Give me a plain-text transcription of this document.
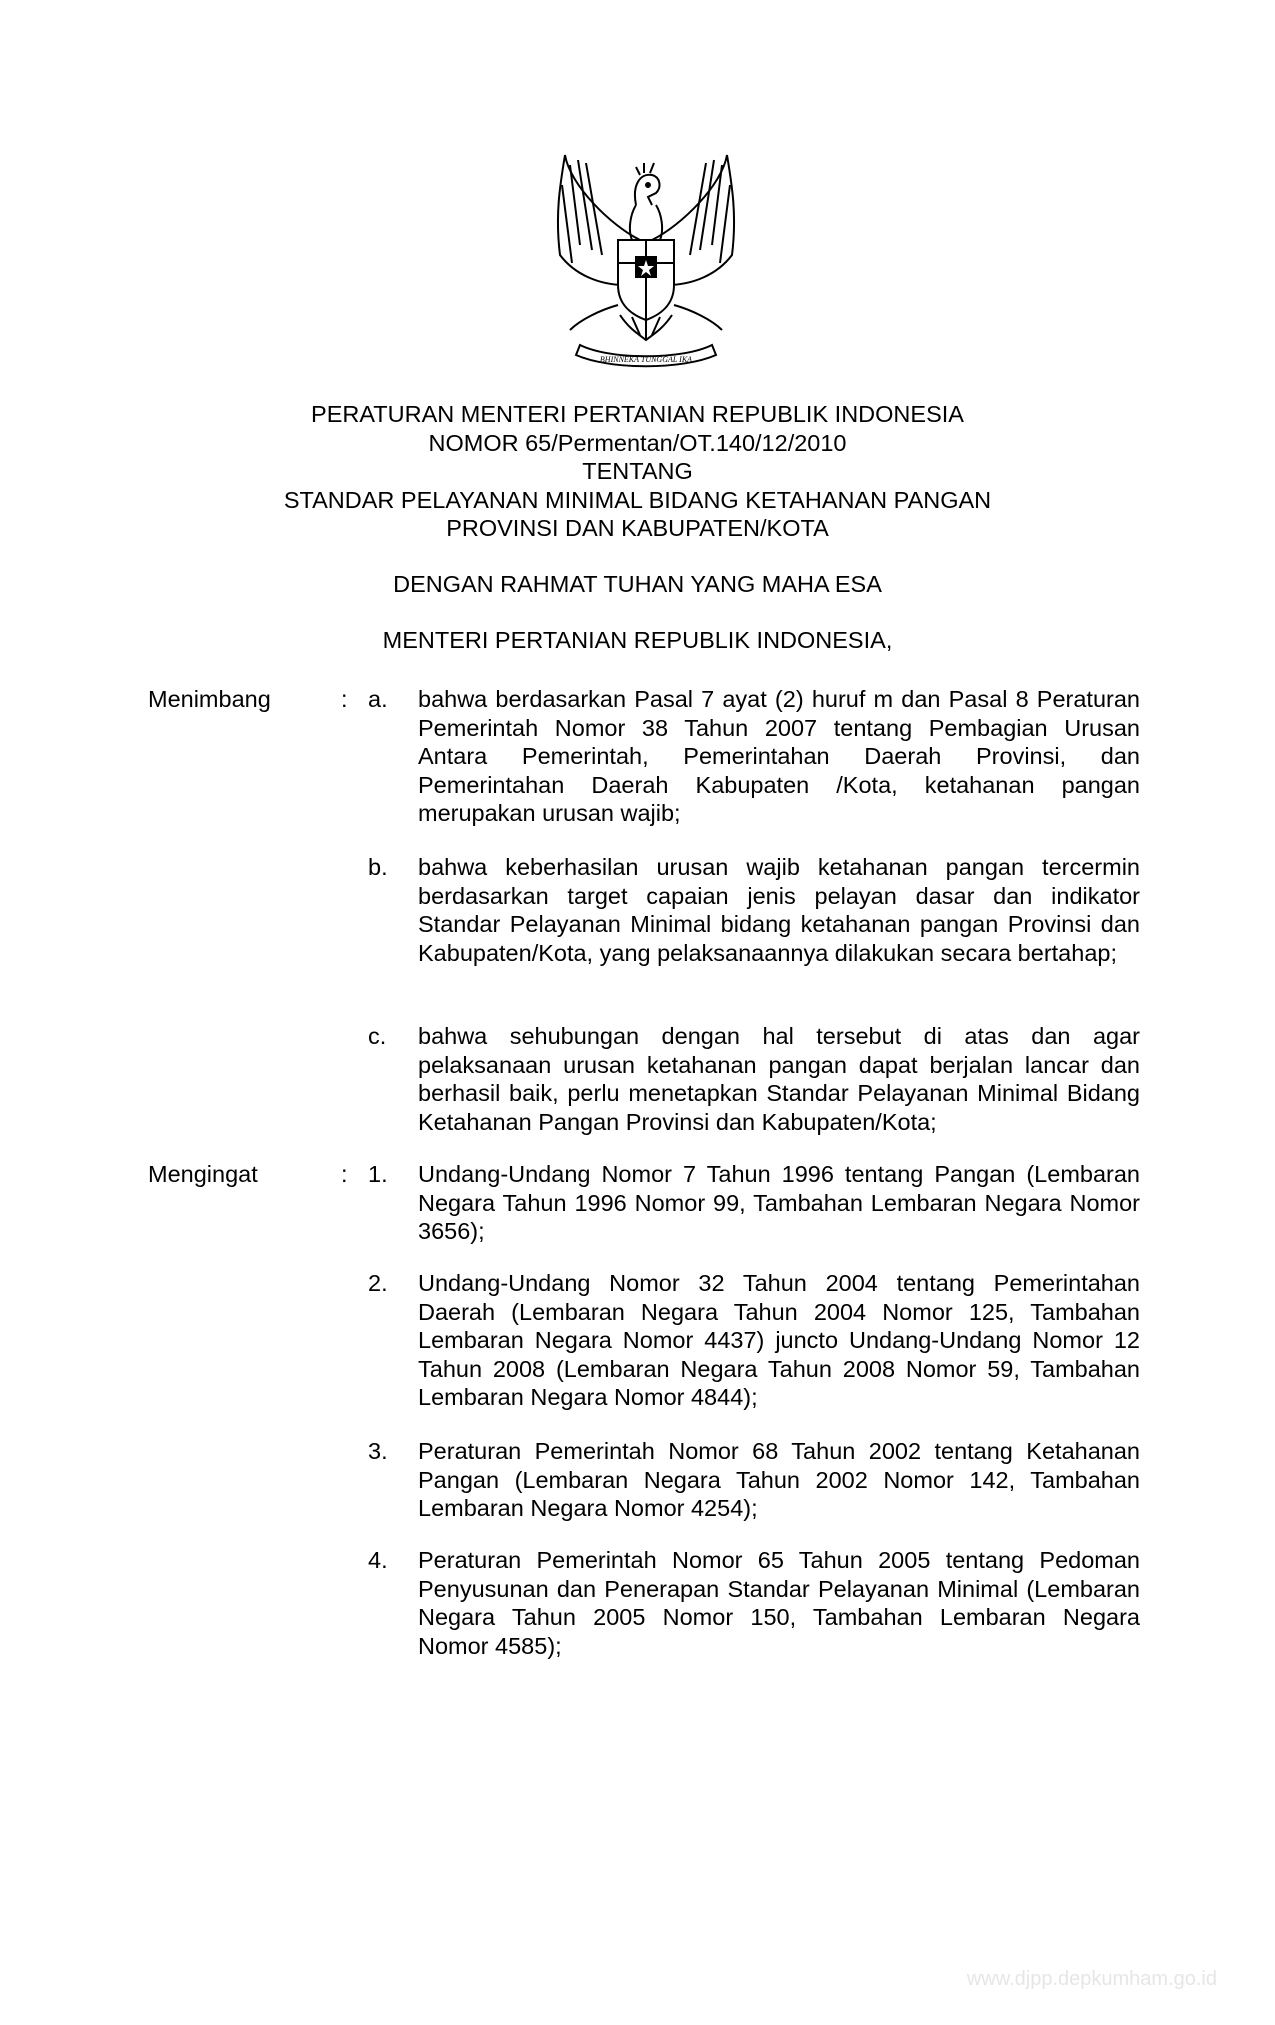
BHINNEKA TUNGGAL IKA
PERATURAN MENTERI PERTANIAN REPUBLIK INDONESIA
NOMOR 65/Permentan/OT.140/12/2010
TENTANG
STANDAR PELAYANAN MINIMAL BIDANG KETAHANAN PANGAN
PROVINSI DAN KABUPATEN/KOTA
DENGAN RAHMAT TUHAN YANG MAHA ESA
MENTERI PERTANIAN REPUBLIK INDONESIA,
Menimbang	: a.	bahwa berdasarkan Pasal 7 ayat (2) huruf m dan Pasal 8 Peraturan Pemerintah Nomor 38 Tahun 2007 tentang Pembagian Urusan Antara Pemerintah, Pemerintahan Daerah Provinsi, dan Pemerintahan Daerah Kabupaten /Kota, ketahanan pangan merupakan urusan wajib;
b.	bahwa keberhasilan urusan wajib ketahanan pangan tercermin berdasarkan target capaian jenis pelayan dasar dan indikator Standar Pelayanan Minimal bidang ketahanan pangan Provinsi dan Kabupaten/Kota, yang pelaksanaannya dilakukan secara bertahap;
c.	bahwa sehubungan dengan hal tersebut di atas dan agar pelaksanaan urusan ketahanan pangan dapat berjalan lancar dan berhasil baik, perlu menetapkan Standar Pelayanan Minimal Bidang Ketahanan Pangan Provinsi dan Kabupaten/Kota;
Mengingat	: 1.	Undang-Undang Nomor 7 Tahun 1996 tentang Pangan (Lembaran Negara Tahun 1996 Nomor 99, Tambahan Lembaran Negara Nomor 3656);
2.	Undang-Undang Nomor 32 Tahun 2004 tentang Pemerintahan Daerah (Lembaran Negara Tahun 2004 Nomor 125, Tambahan Lembaran Negara Nomor 4437) juncto Undang-Undang Nomor 12 Tahun 2008 (Lembaran Negara Tahun 2008 Nomor 59, Tambahan Lembaran Negara Nomor 4844);
3.	Peraturan Pemerintah Nomor 68 Tahun 2002 tentang Ketahanan Pangan (Lembaran Negara Tahun 2002 Nomor 142, Tambahan Lembaran Negara Nomor 4254);
4.	Peraturan Pemerintah Nomor 65 Tahun 2005 tentang Pedoman Penyusunan dan Penerapan Standar Pelayanan Minimal (Lembaran Negara Tahun 2005 Nomor 150, Tambahan Lembaran Negara Nomor 4585);
www.djpp.depkumham.go.id
